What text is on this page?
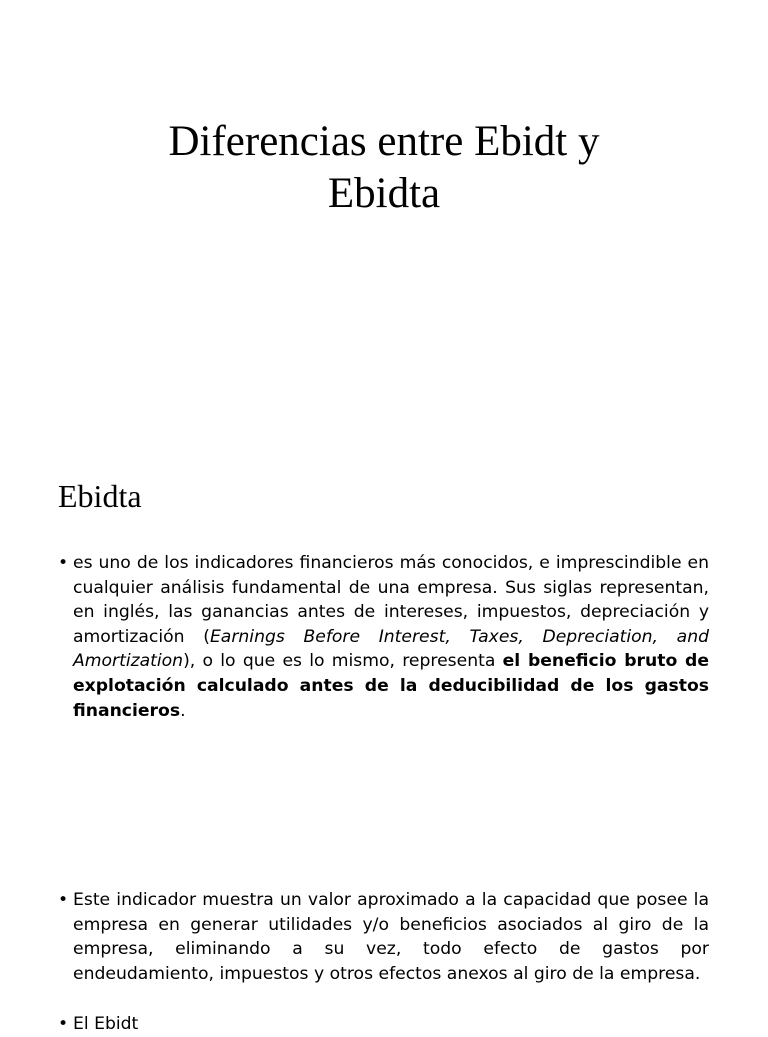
Diferencias entre Ebidt y
Ebidta
Ebidta

• es uno de los indicadores financieros más conocidos, e imprescindible en cualquier análisis fundamental de una empresa. Sus siglas representan, en inglés, las ganancias antes de intereses, impuestos, depreciación y amortización (Earnings Before Interest, Taxes, Depreciation, and Amortization), o lo que es lo mismo, representa el beneficio bruto de explotación calculado antes de la deducibilidad de los gastos financieros.

• Este indicador muestra un valor aproximado a la capacidad que posee la empresa en generar utilidades y/o beneficios asociados al giro de la empresa, eliminando a su vez, todo efecto de gastos por endeudamiento, impuestos y otros efectos anexos al giro de la empresa.

• El Ebidt
